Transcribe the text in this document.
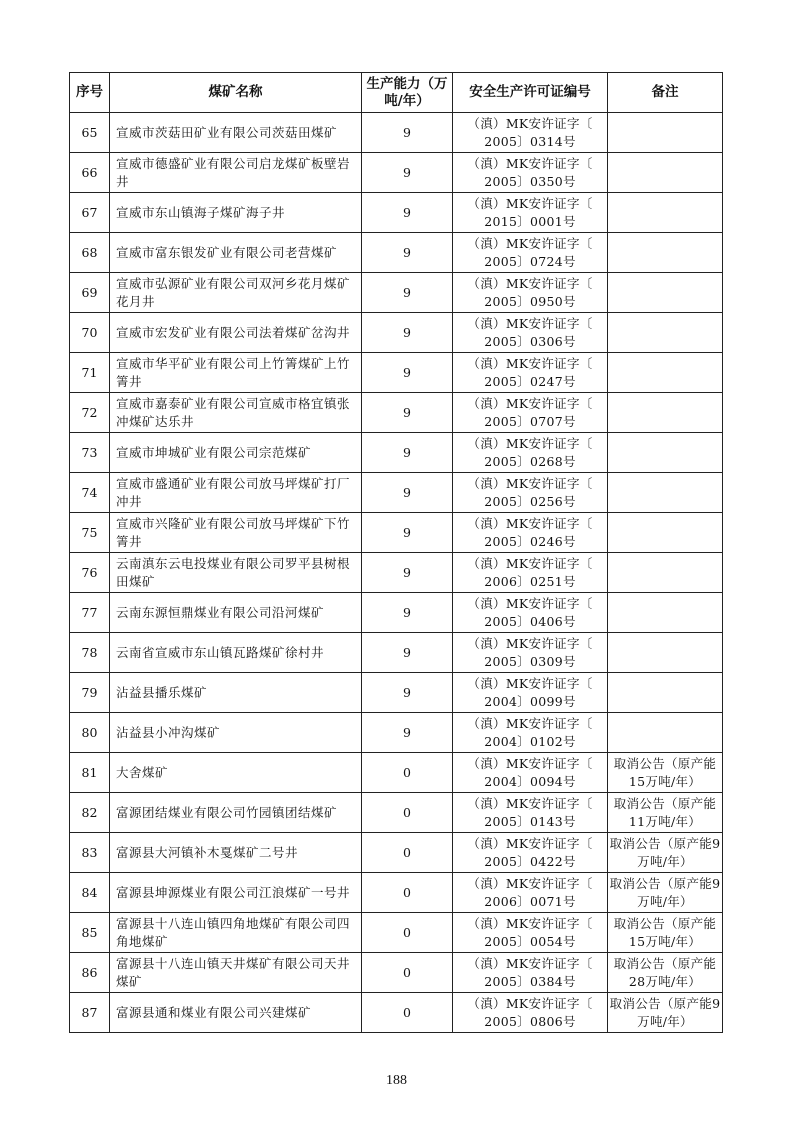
序号	煤矿名称	生产能力（万吨/年）	安全生产许可证编号	备注
65	宣威市茨菇田矿业有限公司茨菇田煤矿	9	（滇）MK安许证字〔
2005〕0314号	

66	宣威市德盛矿业有限公司启龙煤矿板壁岩井	9	（滇）MK安许证字〔
2005〕0350号	

67	宣威市东山镇海子煤矿海子井	9	（滇）MK安许证字〔
2015〕0001号	

68	宣威市富东银发矿业有限公司老营煤矿	9	（滇）MK安许证字〔
2005〕0724号	

69	宣威市弘源矿业有限公司双河乡花月煤矿花月井	9	（滇）MK安许证字〔
2005〕0950号	

70	宣威市宏发矿业有限公司法着煤矿岔沟井	9	（滇）MK安许证字〔
2005〕0306号	

71	宣威市华平矿业有限公司上竹箐煤矿上竹箐井	9	（滇）MK安许证字〔
2005〕0247号	

72	宣威市嘉泰矿业有限公司宣威市格宜镇张冲煤矿达乐井	9	（滇）MK安许证字〔
2005〕0707号	

73	宣威市坤城矿业有限公司宗范煤矿	9	（滇）MK安许证字〔
2005〕0268号	

74	宣威市盛通矿业有限公司放马坪煤矿打厂冲井	9	（滇）MK安许证字〔
2005〕0256号	

75	宣威市兴隆矿业有限公司放马坪煤矿下竹箐井	9	（滇）MK安许证字〔
2005〕0246号	

76	云南滇东云电投煤业有限公司罗平县树根田煤矿	9	（滇）MK安许证字〔
2006〕0251号	

77	云南东源恒鼎煤业有限公司沿河煤矿	9	（滇）MK安许证字〔
2005〕0406号	

78	云南省宣威市东山镇瓦路煤矿徐村井	9	（滇）MK安许证字〔
2005〕0309号	

79	沾益县播乐煤矿	9	（滇）MK安许证字〔
2004〕0099号	

80	沾益县小冲沟煤矿	9	（滇）MK安许证字〔
2004〕0102号	

81	大舍煤矿	0	（滇）MK安许证字〔
2004〕0094号	取消公告（原产能15万吨/年）
82	富源团结煤业有限公司竹园镇团结煤矿	0	（滇）MK安许证字〔
2005〕0143号	取消公告（原产能11万吨/年）
83	富源县大河镇补木戛煤矿二号井	0	（滇）MK安许证字〔
2005〕0422号	取消公告（原产能9万吨/年）
84	富源县坤源煤业有限公司江浪煤矿一号井	0	（滇）MK安许证字〔
2006〕0071号	取消公告（原产能9万吨/年）
85	富源县十八连山镇四角地煤矿有限公司四角地煤矿	0	（滇）MK安许证字〔
2005〕0054号	取消公告（原产能15万吨/年）
86	富源县十八连山镇天井煤矿有限公司天井煤矿	0	（滇）MK安许证字〔
2005〕0384号	取消公告（原产能28万吨/年）
87	富源县通和煤业有限公司兴建煤矿	0	（滇）MK安许证字〔
2005〕0806号	取消公告（原产能9万吨/年）
188
